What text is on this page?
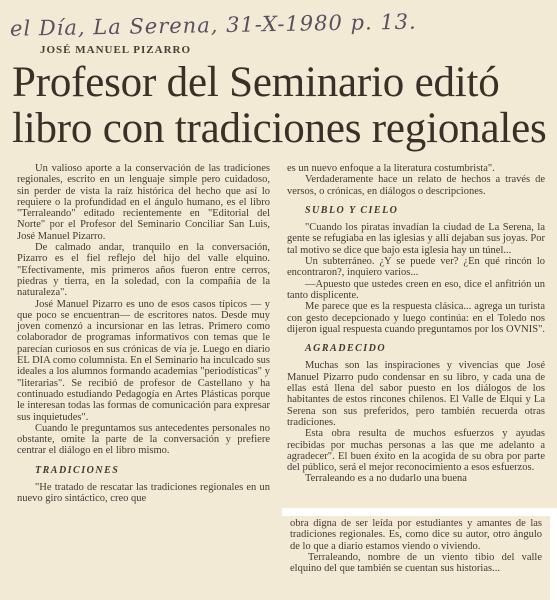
el Día, La Serena, 31-X-1980 p. 13.
JOSÉ MANUEL PIZARRO
Profesor del Seminario editó libro con tradiciones regionales

Un valioso aporte a la conservación de las tradiciones regionales, escrito en un lenguaje simple pero cuidadoso, sin perder de vista la raíz histórica del hecho que así lo requiere o la profundidad en el ángulo humano, es el libro "Terraleando" editado recientemente en "Editorial del Norte" por el Profesor del Seminario Conciliar San Luis, José Manuel Pizarro.

De calmado andar, tranquilo en la conversación, Pizarro es el fiel reflejo del hijo del valle elquino. "Efectivamente, mis primeros años fueron entre cerros, piedras y tierra, en la soledad, con la compañía de la naturaleza".

José Manuel Pizarro es uno de esos casos típicos — y que poco se encuentran— de escritores natos. Desde muy joven comenzó a incursionar en las letras. Primero como colaborador de programas informativos con temas que le parecían curiosos en sus crónicas de vía je. Luego en diario EL DIA como columnista. En el Seminario ha inculcado sus ideales a los alumnos formando academias "periodísticas" y "literarias". Se recibió de profesor de Castellano y ha continuado estudiando Pedagogía en Artes Plásticas porque le interesan todas las formas de comunicación para expresar sus inquietudes".

Cuando le preguntamos sus antecedentes personales no obstante, omite la parte de la conversación y prefiere centrar el diálogo en el libro mismo.

TRADICIONES

"He tratado de rescatar las tradiciones regionales en un nuevo giro sintáctico, creo que

es un nuevo enfoque a la literatura costumbrista".

Verdaderamente hace un relato de hechos a través de versos, o crónicas, en diálogos o descripciones.

SUBLO Y CIELO

"Cuando los piratas invadían la ciudad de La Serena, la gente se refugiaba en las iglesias y allí dejaban sus joyas. Por tal motivo se dice que bajo esta iglesia hay un túnel...

Un subterráneo. ¿Y se puede ver? ¿En qué rincón lo encontraron?, inquiero varios...

—Apuesto que ustedes creen en eso, dice el anfitrión un tanto displicente.

Me parece que es la respuesta clásica... agrega un turista con gesto decepcionado y luego continúa: en el Toledo nos dijeron igual respuesta cuando preguntamos por los OVNIS".

AGRADECIDO

Muchas son las inspiraciones y vivencias que José Manuel Pizarro pudo condensar en su libro, y cada una de ellas está llena del sabor puesto en los diálogos de los habitantes de estos rincones chilenos. El Valle de Elqui y La Serena son sus preferidos, pero también recuerda otras tradiciones.

Esta obra resulta de muchos esfuerzos y ayudas recibidas por muchas personas a las que me adelanto a agradecer". El buen éxito en la acogida de su obra por parte del público, será el mejor reconocimiento a esos esfuerzos.

Terraleando es a no dudarlo una buena

obra digna de ser leída por estudiantes y amantes de las tradiciones regionales. Es, como dice su autor, otro ángulo de lo que a diario estamos viendo o viviendo.

Terraleando, nombre de un viento tibio del valle elquino del que también se cuentan sus historias...
